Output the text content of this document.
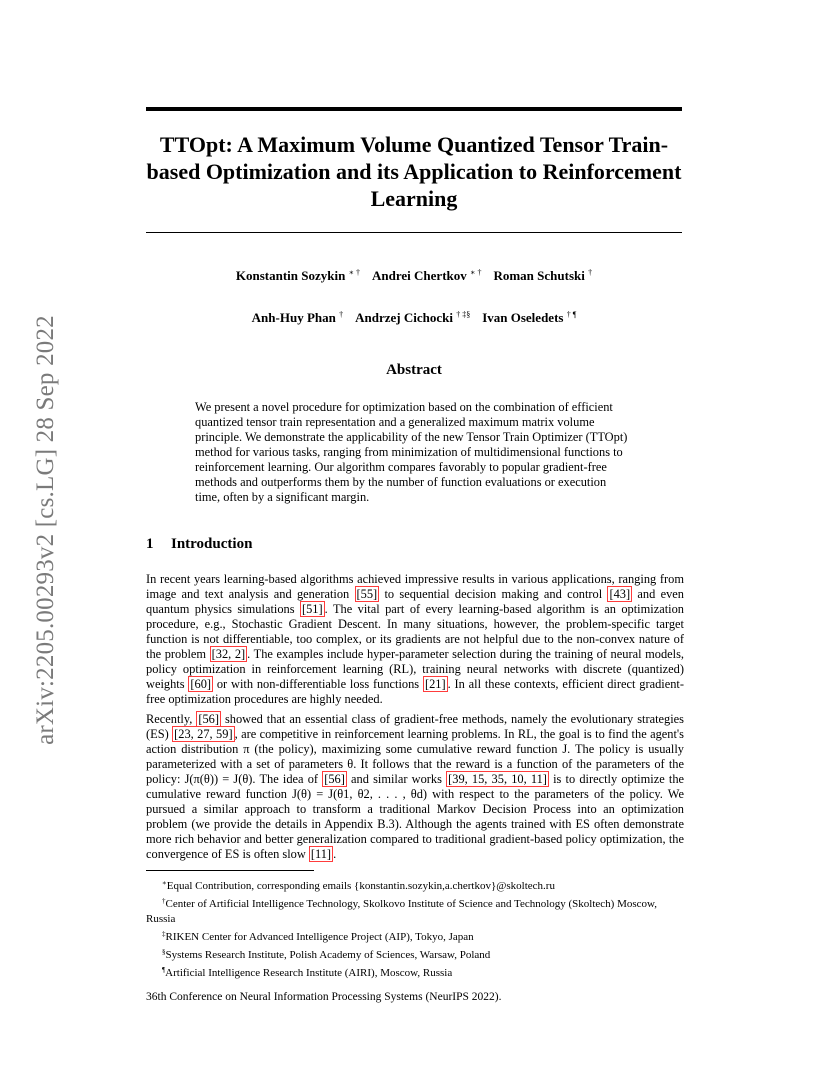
arXiv:2205.00293v2 [cs.LG] 28 Sep 2022
TTOpt: A Maximum Volume Quantized Tensor Train-based Optimization and its Application to Reinforcement Learning
Konstantin Sozykin ∗ † Andrei Chertkov ∗ † Roman Schutski †
Anh-Huy Phan † Andrzej Cichocki † ‡§ Ivan Oseledets † ¶
Abstract
We present a novel procedure for optimization based on the combination of efficient quantized tensor train representation and a generalized maximum matrix volume principle. We demonstrate the applicability of the new Tensor Train Optimizer (TTOpt) method for various tasks, ranging from minimization of multidimensional functions to reinforcement learning. Our algorithm compares favorably to popular gradient-free methods and outperforms them by the number of function evaluations or execution time, often by a significant margin.
1 Introduction
In recent years learning-based algorithms achieved impressive results in various applications, ranging from image and text analysis and generation [55] to sequential decision making and control [43] and even quantum physics simulations [51] . The vital part of every learning-based algorithm is an optimization procedure, e.g., Stochastic Gradient Descent. In many situations, however, the problem-specific target function is not differentiable, too complex, or its gradients are not helpful due to the non-convex nature of the problem [32, 2] . The examples include hyper-parameter selection during the training of neural models, policy optimization in reinforcement learning (RL), training neural networks with discrete (quantized) weights [60] or with non-differentiable loss functions [21] . In all these contexts, efficient direct gradient-free optimization procedures are highly needed.
Recently, [56] showed that an essential class of gradient-free methods, namely the evolutionary strategies (ES) [23, 27, 59] , are competitive in reinforcement learning problems. In RL, the goal is to find the agent's action distribution π (the policy), maximizing some cumulative reward function J. The policy is usually parameterized with a set of parameters θ. It follows that the reward is a function of the parameters of the policy: J(π(θ)) = J(θ). The idea of [56] and similar works [39, 15, 35, 10, 11] is to directly optimize the cumulative reward function J(θ) = J(θ1, θ2, . . . , θd) with respect to the parameters of the policy. We pursued a similar approach to transform a traditional Markov Decision Process into an optimization problem (we provide the details in Appendix B.3). Although the agents trained with ES often demonstrate more rich behavior and better generalization compared to traditional gradient-based policy optimization, the convergence of ES is often slow [11] .
∗Equal Contribution, corresponding emails {konstantin.sozykin,a.chertkov}@skoltech.ru
†Center of Artificial Intelligence Technology, Skolkovo Institute of Science and Technology (Skoltech) Moscow, Russia
‡RIKEN Center for Advanced Intelligence Project (AIP), Tokyo, Japan
§Systems Research Institute, Polish Academy of Sciences, Warsaw, Poland
¶Artificial Intelligence Research Institute (AIRI), Moscow, Russia
36th Conference on Neural Information Processing Systems (NeurIPS 2022).
